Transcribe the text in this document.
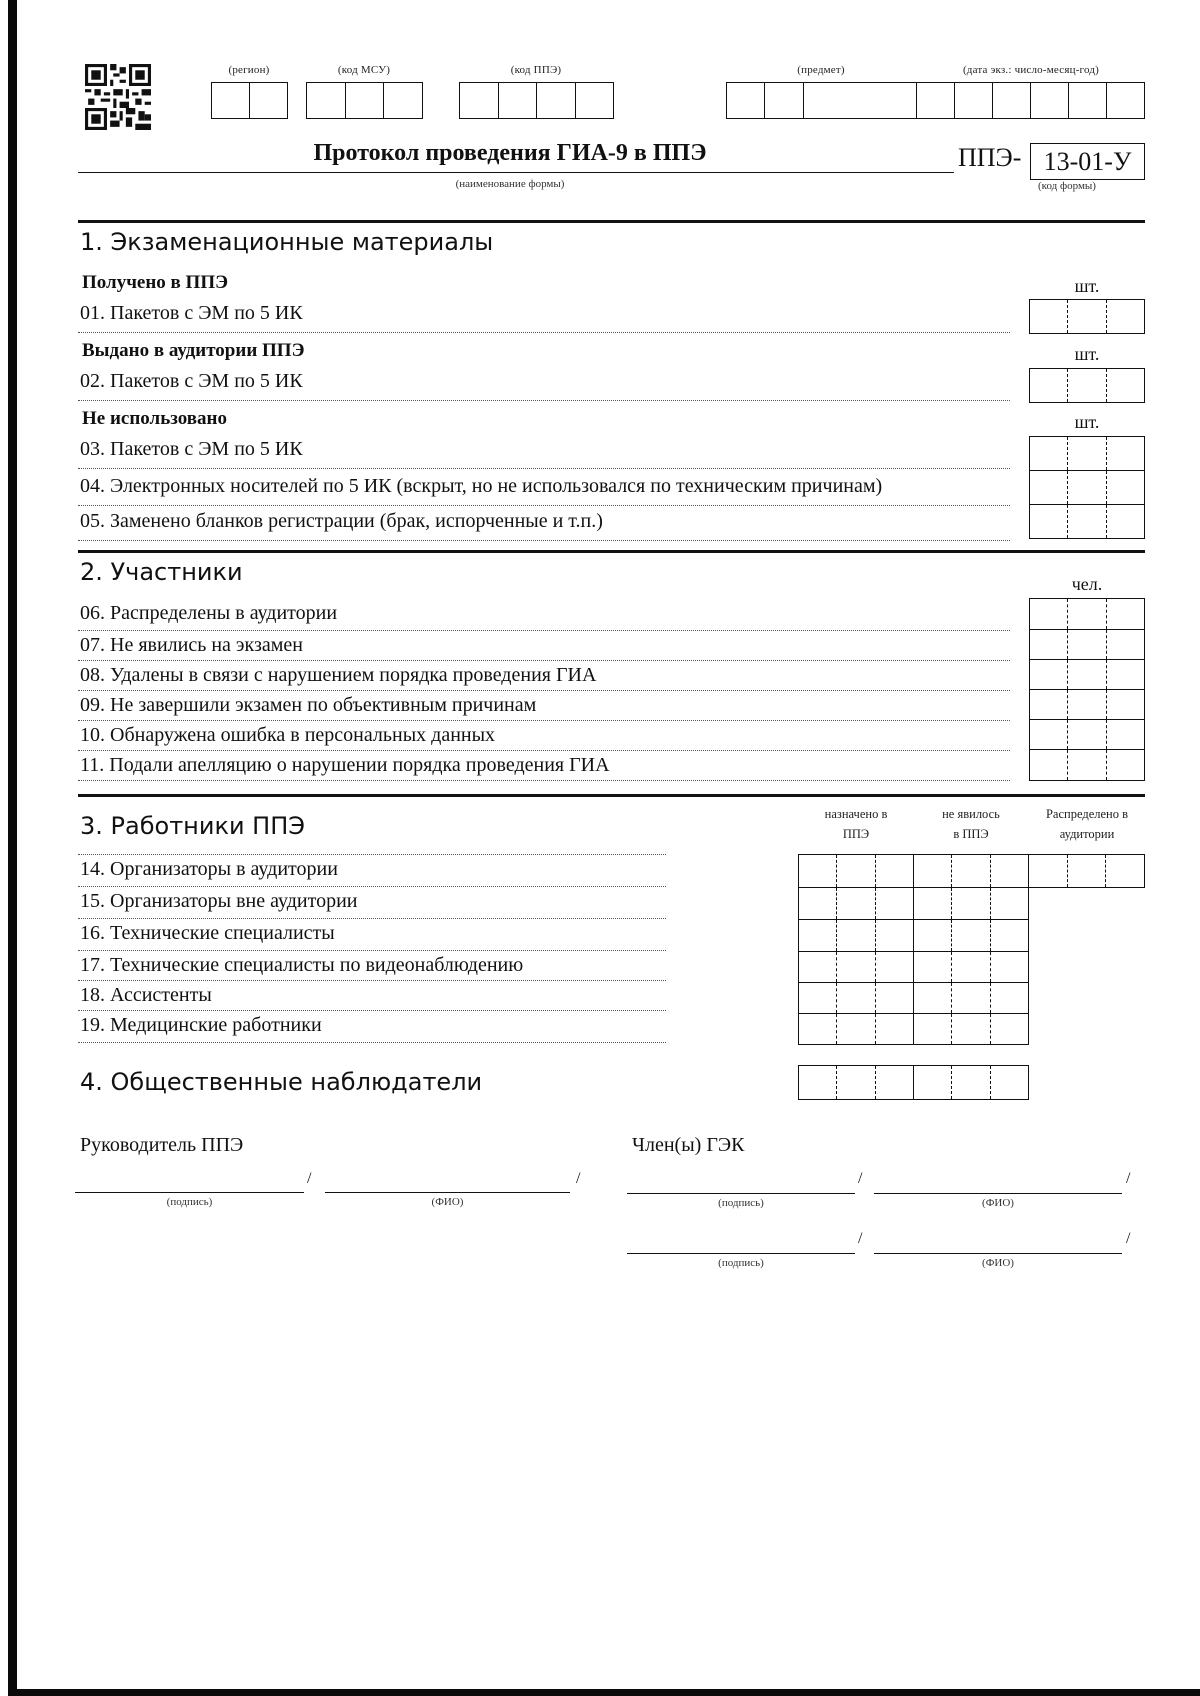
(регион)	(код МСУ)	(код ППЭ)	(предмет)	(дата экз.: число-месяц-год)
Протокол проведения ГИА-9 в ППЭ
(наименование формы)
ППЭ- 13-01-У
(код формы)
1. Экзаменационные материалы
Получено в ППЭ	шт.
01. Пакетов с ЭМ по 5 ИК
Выдано в аудитории ППЭ	шт.
02. Пакетов с ЭМ по 5 ИК
Не использовано	шт.
03. Пакетов с ЭМ по 5 ИК
04. Электронных носителей по 5 ИК (вскрыт, но не использовался по техническим причинам)
05. Заменено бланков регистрации (брак, испорченные и т.п.)
2. Участники	чел.
06. Распределены в аудитории
07. Не явились на экзамен
08. Удалены в связи с нарушением порядка проведения ГИА
09. Не завершили экзамен по объективным причинам
10. Обнаружена ошибка в персональных данных
11. Подали апелляцию о нарушении порядка проведения ГИА
3. Работники ППЭ	назначено в
ППЭ
не явилось
в ППЭ
Распределено в
аудитории
14. Организаторы в аудитории
15. Организаторы вне аудитории
16. Технические специалисты
17. Технические специалисты по видеонаблюдению
18. Ассистенты
19. Медицинские работники
4. Общественные наблюдатели
Руководитель ППЭ	Член(ы) ГЭК
/	/
(подпись)	(ФИО)
/	/
(подпись)	(ФИО)
/	/
(подпись)	(ФИО)
